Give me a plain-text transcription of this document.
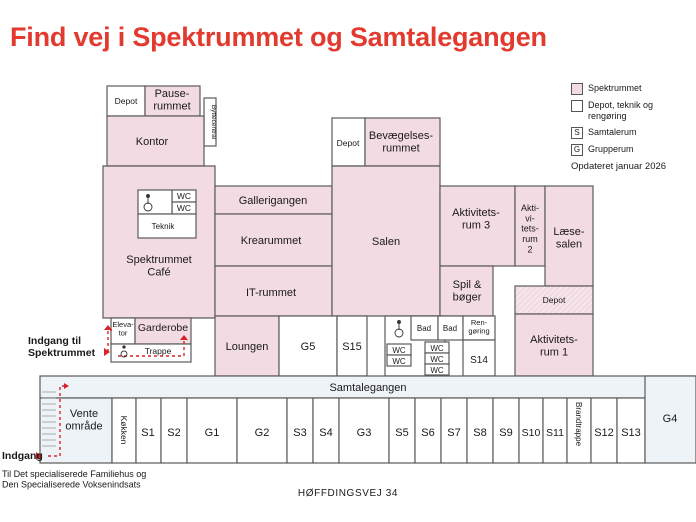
Depot
Pause-rummet	Byttecentral
Kontor
WC
WC
Teknik
Spektrummet Café
Gallerigangen
Krearummet
IT-rummet
Depot
Bevægelses-rummet
Salen
Aktivitets-rum 3
Akti-vi-tets-rum 2
Læse-salen
Spil & bøger	Depot
Aktivitets-rum 1
Eleva-tor	Garderobe
Trappe	Loungen	G5 S15
Bad Bad
Ren-gøring
WC
WC
WC
WC
WC
S14
Samtalegangen
Vente område Køkken S1 S2 G1	G2 S3 S4 G3 S5 S6 S7 S8 S9 S10 S11 Brandtrappe S12 S13
G4
Indgang til Spektrummet
Indgang
Til Det specialiserede Familiehus og Den Specialiserede Voksenindsats
Find vej i Spektrummet og Samtalegangen
Spektrummet
Depot, teknik og rengøring
S Samtalerum
G Grupperum
Opdateret januar 2026
HØFFDINGSVEJ 34
